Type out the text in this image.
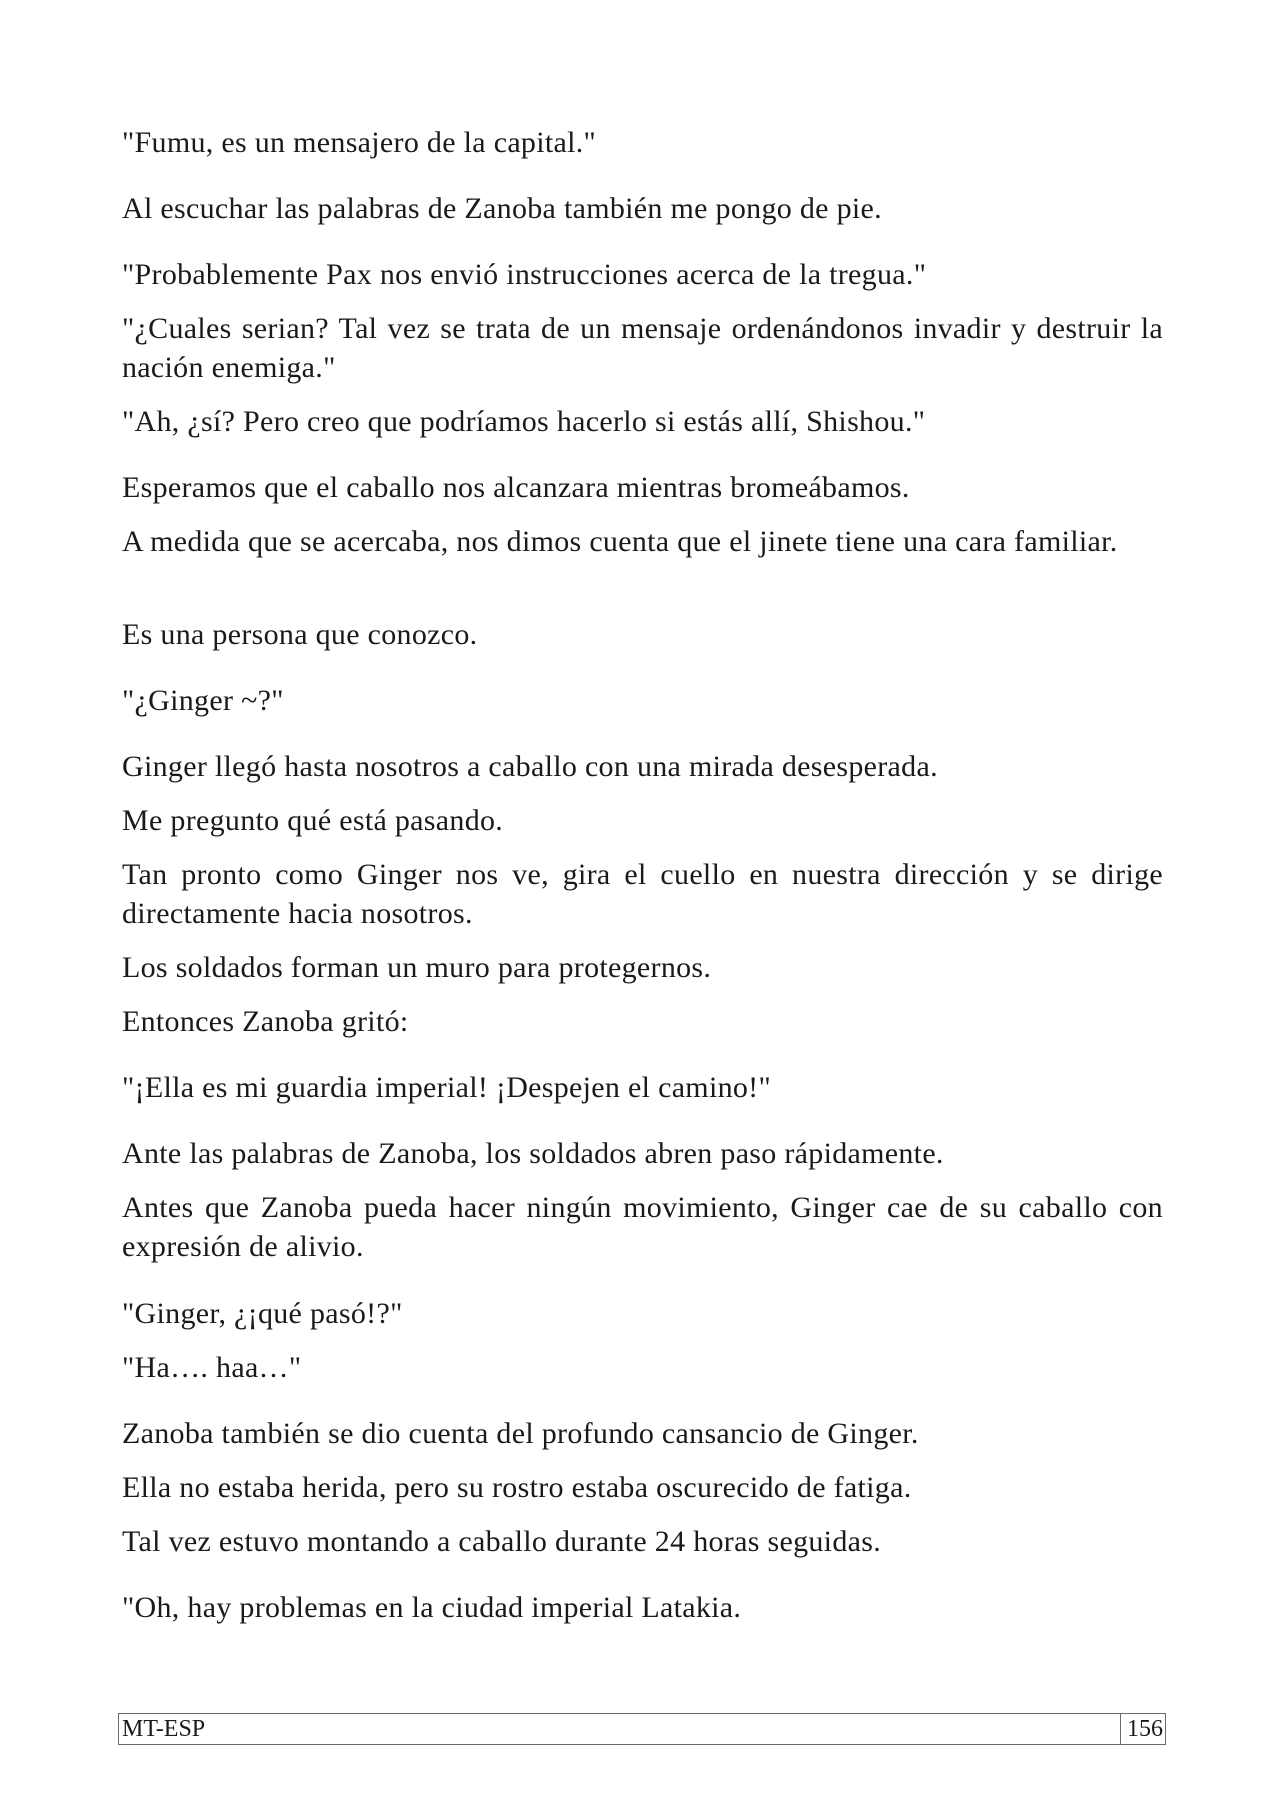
"Fumu, es un mensajero de la capital."

Al escuchar las palabras de Zanoba también me pongo de pie.

"Probablemente Pax nos envió instrucciones acerca de la tregua."

"¿Cuales serian? Tal vez se trata de un mensaje ordenándonos invadir y destruir la nación enemiga."

"Ah, ¿sí? Pero creo que podríamos hacerlo si estás allí, Shishou."

Esperamos que el caballo nos alcanzara mientras bromeábamos.

A medida que se acercaba, nos dimos cuenta que el jinete tiene una cara familiar.

Es una persona que conozco.

"¿Ginger ~?"

Ginger llegó hasta nosotros a caballo con una mirada desesperada.

Me pregunto qué está pasando.

Tan pronto como Ginger nos ve, gira el cuello en nuestra dirección y se dirige directamente hacia nosotros.

Los soldados forman un muro para protegernos.

Entonces Zanoba gritó:

"¡Ella es mi guardia imperial! ¡Despejen el camino!"

Ante las palabras de Zanoba, los soldados abren paso rápidamente.

Antes que Zanoba pueda hacer ningún movimiento, Ginger cae de su caballo con expresión de alivio.

"Ginger, ¿¡qué pasó!?"

"Ha…. haa…"

Zanoba también se dio cuenta del profundo cansancio de Ginger.

Ella no estaba herida, pero su rostro estaba oscurecido de fatiga.

Tal vez estuvo montando a caballo durante 24 horas seguidas.

"Oh, hay problemas en la ciudad imperial Latakia.

MT-ESP	156
